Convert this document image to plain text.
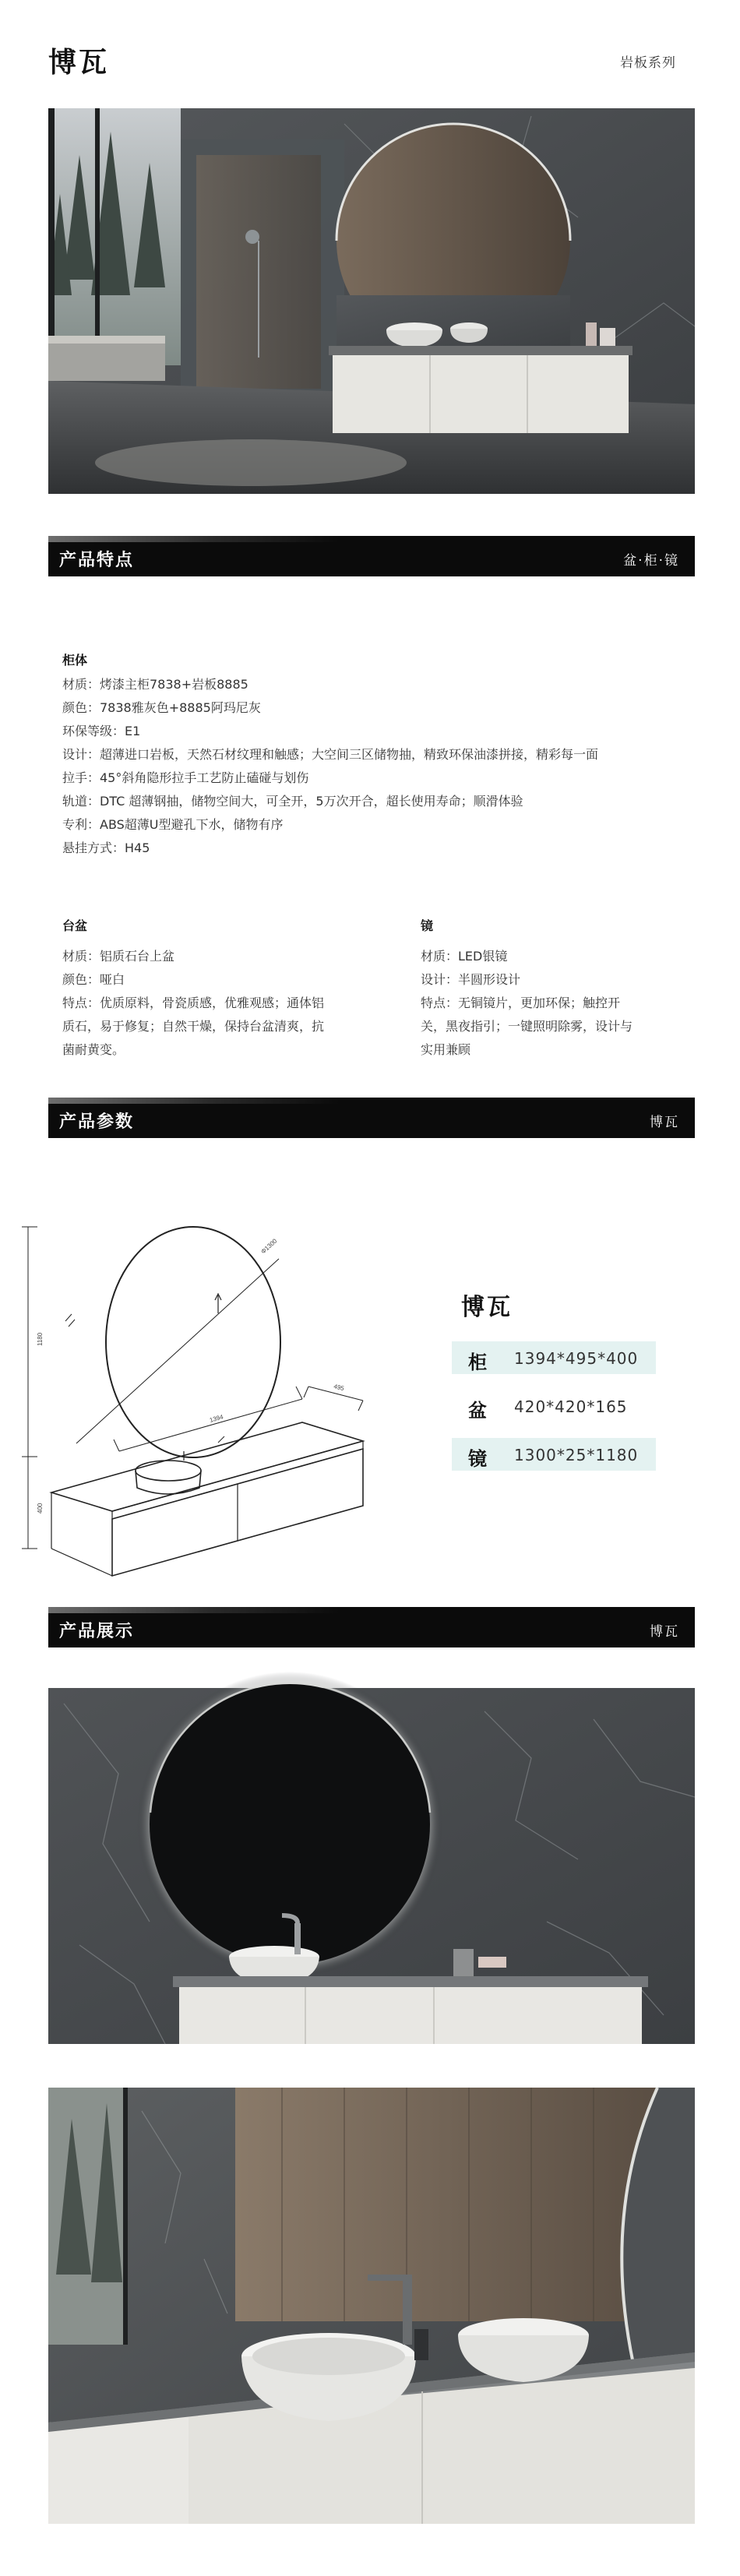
博瓦	岩板系列
产品特点	盆·柜·镜
柜体
材质：烤漆主柜7838+岩板8885
颜色：7838雅灰色+8885阿玛尼灰
环保等级：E1
设计：超薄进口岩板，天然石材纹理和触感；大空间三区储物抽，精致环保油漆拼接，精彩每一面
拉手：45°斜角隐形拉手工艺防止磕碰与划伤
轨道：DTC 超薄钢抽，储物空间大，可全开，5万次开合，超长使用寿命；顺滑体验
专利：ABS超薄U型避孔下水，储物有序
悬挂方式：H45
台盆
材质：铝质石台上盆
颜色：哑白
特点：优质原料，骨瓷质感，优雅观感；通体铝
质石，易于修复；自然干燥，保持台盆清爽，抗
菌耐黄变。
镜
材质：LED银镜
设计：半圆形设计
特点：无铜镜片，更加环保；触控开
关，黑夜指引；一键照明除雾，设计与
实用兼顾
产品参数	博瓦
Φ1300
1180
1394
495
400
博瓦
柜 1394*495*400
盆 420*420*165
镜 1300*25*1180
产品展示	博瓦
